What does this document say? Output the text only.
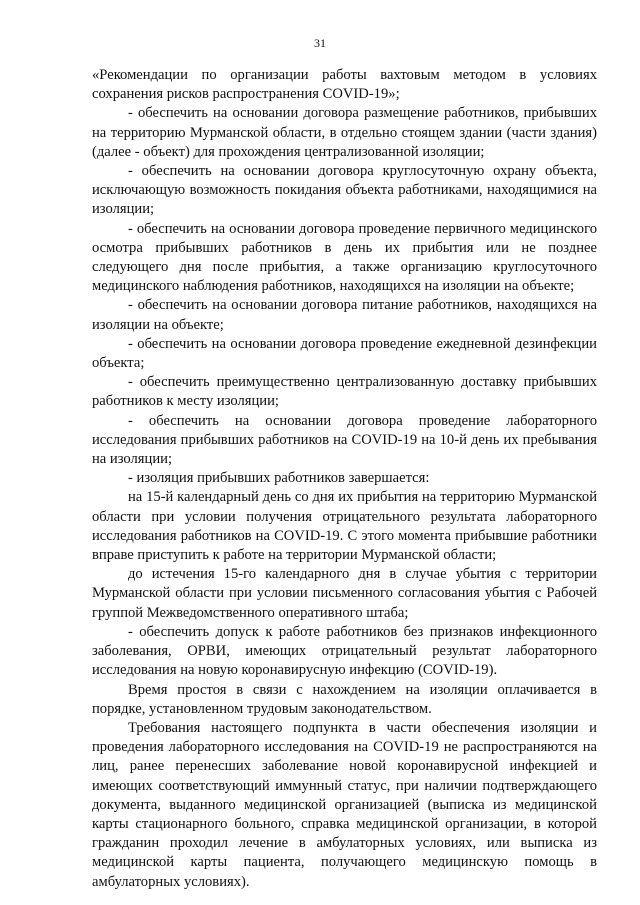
31

«Рекомендации по организации работы вахтовым методом в условиях сохранения рисков распространения COVID-19»;

- обеспечить на основании договора размещение работников, прибывших на территорию Мурманской области, в отдельно стоящем здании (части здания) (далее - объект) для прохождения централизованной изоляции;

- обеспечить на основании договора круглосуточную охрану объекта, исключающую возможность покидания объекта работниками, находящимися на изоляции;

- обеспечить на основании договора проведение первичного медицинского осмотра прибывших работников в день их прибытия или не позднее следующего дня после прибытия, а также организацию круглосуточного медицинского наблюдения работников, находящихся на изоляции на объекте;

- обеспечить на основании договора питание работников, находящихся на изоляции на объекте;

- обеспечить на основании договора проведение ежедневной дезинфекции объекта;

- обеспечить преимущественно централизованную доставку прибывших работников к месту изоляции;

- обеспечить на основании договора проведение лабораторного исследования прибывших работников на COVID-19 на 10-й день их пребывания на изоляции;

- изоляция прибывших работников завершается:

на 15-й календарный день со дня их прибытия на территорию Мурманской области при условии получения отрицательного результата лабораторного исследования работников на COVID-19. С этого момента прибывшие работники вправе приступить к работе на территории Мурманской области;

до истечения 15-го календарного дня в случае убытия с территории Мурманской области при условии письменного согласования убытия с Рабочей группой Межведомственного оперативного штаба;

- обеспечить допуск к работе работников без признаков инфекционного заболевания, ОРВИ, имеющих отрицательный результат лабораторного исследования на новую коронавирусную инфекцию (COVID-19).

Время простоя в связи с нахождением на изоляции оплачивается в порядке, установленном трудовым законодательством.

Требования настоящего подпункта в части обеспечения изоляции и проведения лабораторного исследования на COVID-19 не распространяются на лиц, ранее перенесших заболевание новой коронавирусной инфекцией и имеющих соответствующий иммунный статус, при наличии подтверждающего документа, выданного медицинской организацией (выписка из медицинской карты стационарного больного, справка медицинской организации, в которой гражданин проходил лечение в амбулаторных условиях, или выписка из медицинской карты пациента, получающего медицинскую помощь в амбулаторных условиях).
